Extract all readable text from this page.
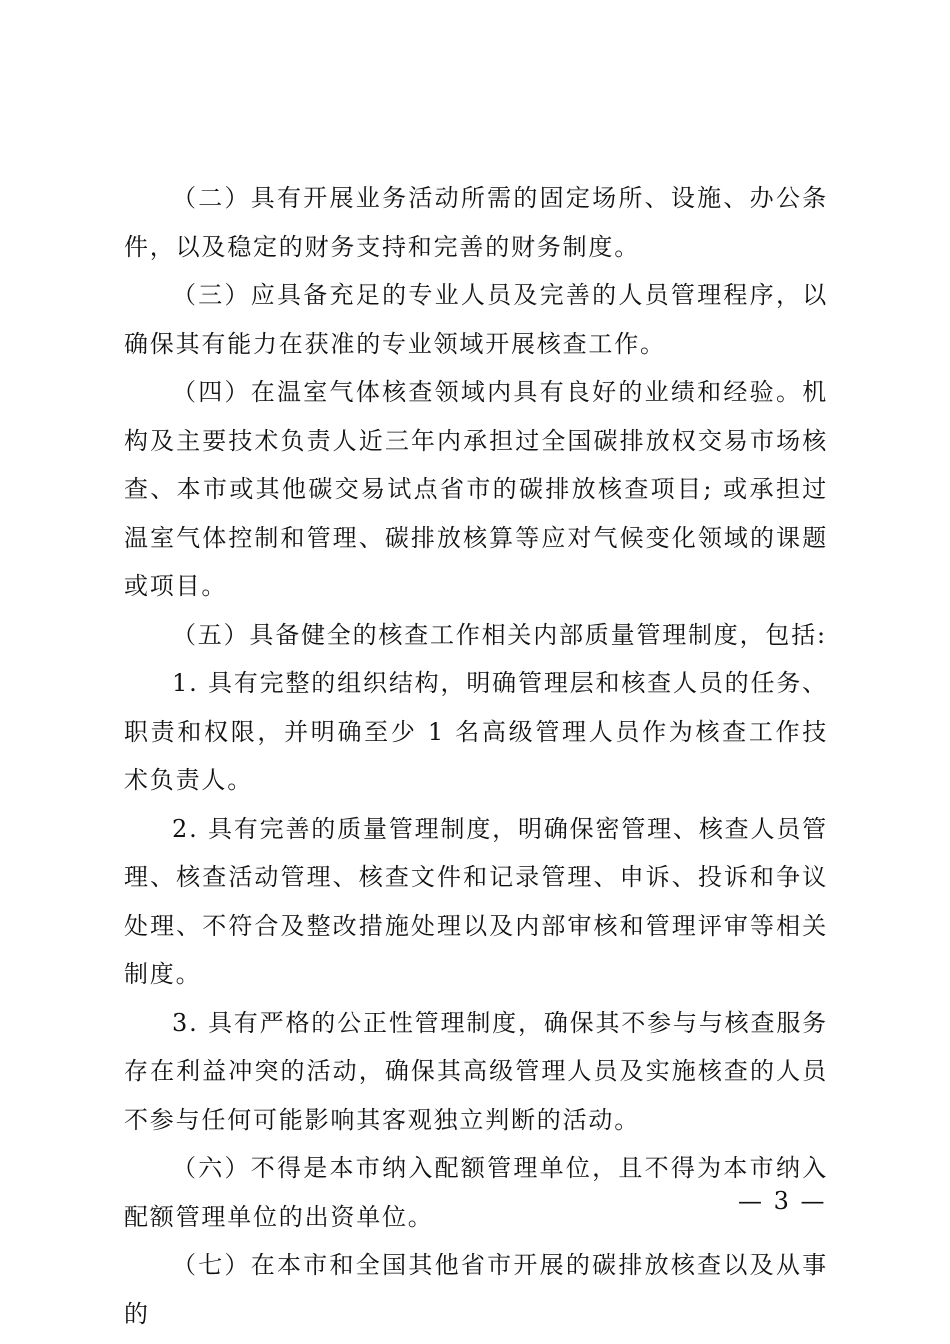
（二）具有开展业务活动所需的固定场所、设施、办公条件，以及稳定的财务支持和完善的财务制度。

（三）应具备充足的专业人员及完善的人员管理程序，以确保其有能力在获准的专业领域开展核查工作。

（四）在温室气体核查领域内具有良好的业绩和经验。机构及主要技术负责人近三年内承担过全国碳排放权交易市场核查、本市或其他碳交易试点省市的碳排放核查项目; 或承担过温室气体控制和管理、碳排放核算等应对气候变化领域的课题或项目。

（五）具备健全的核查工作相关内部质量管理制度，包括:

1. 具有完整的组织结构，明确管理层和核查人员的任务、职责和权限，并明确至少 1 名高级管理人员作为核查工作技术负责人。

2. 具有完善的质量管理制度，明确保密管理、核查人员管理、核查活动管理、核查文件和记录管理、申诉、投诉和争议处理、不符合及整改措施处理以及内部审核和管理评审等相关制度。

3. 具有严格的公正性管理制度，确保其不参与与核查服务存在利益冲突的活动，确保其高级管理人员及实施核查的人员不参与任何可能影响其客观独立判断的活动。

（六）不得是本市纳入配额管理单位，且不得为本市纳入配额管理单位的出资单位。

（七）在本市和全国其他省市开展的碳排放核查以及从事的

— 3 —
